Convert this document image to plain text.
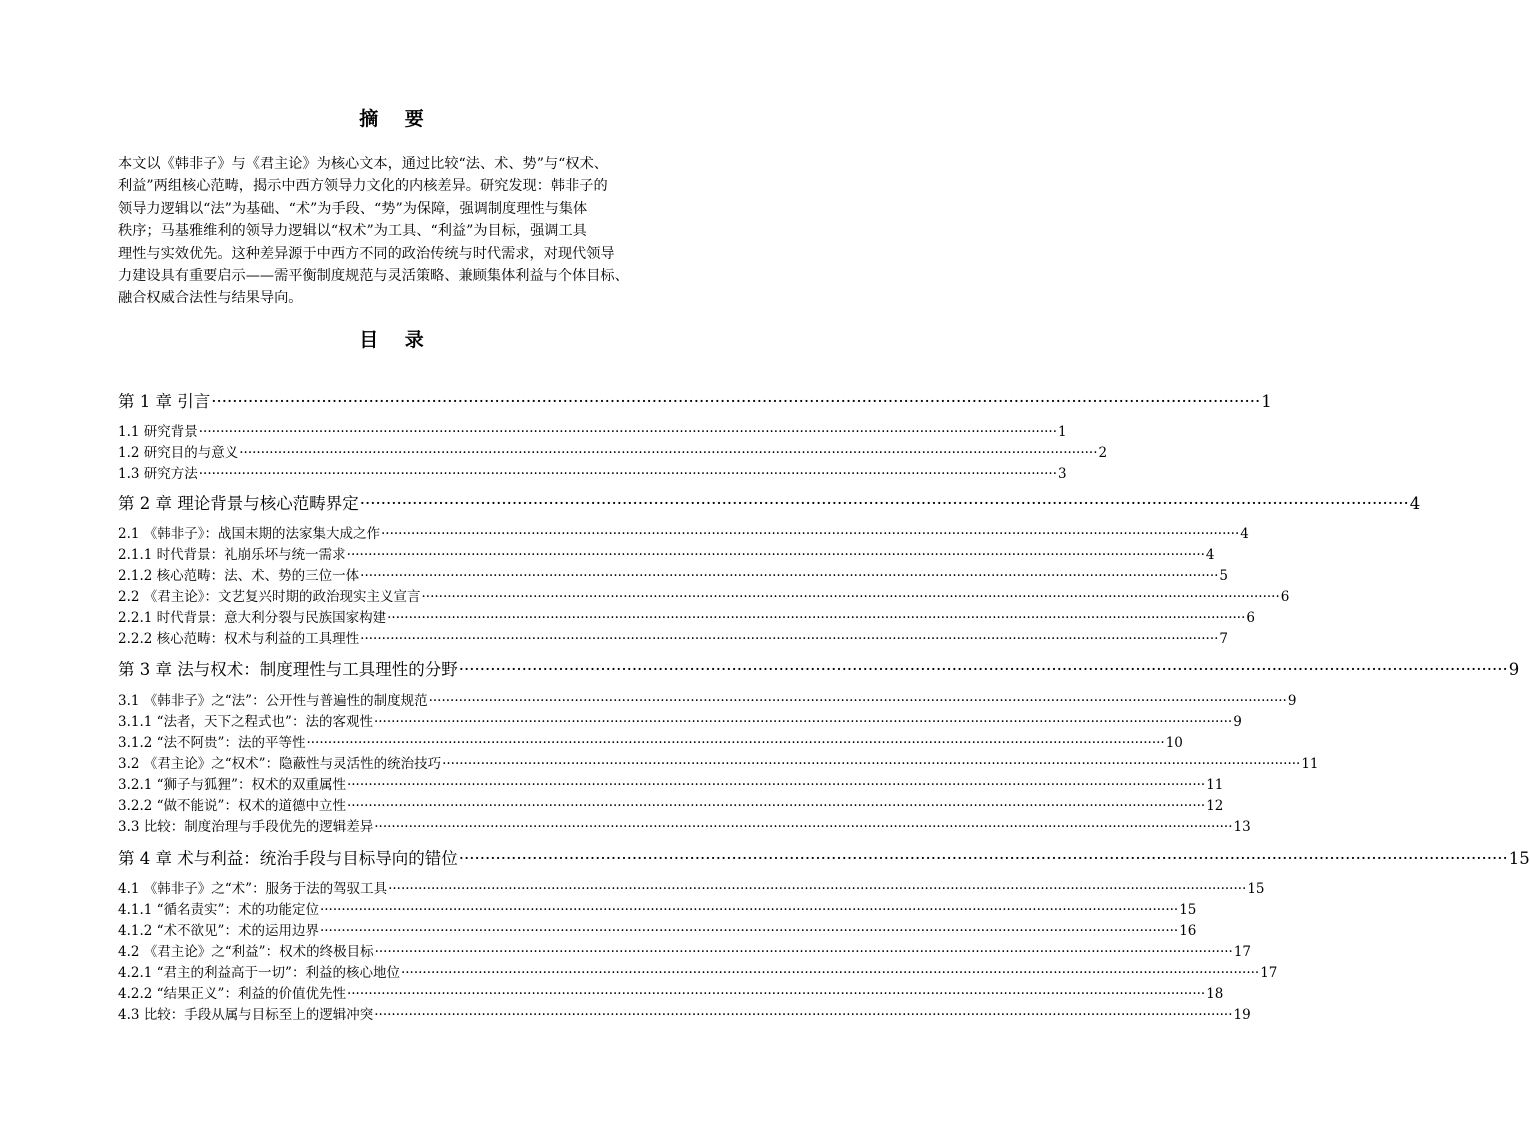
摘 要
本文以《韩非子》与《君主论》为核心文本，通过比较“法、术、势”与“权术、
利益”两组核心范畴，揭示中西方领导力文化的内核差异。研究发现：韩非子的
领导力逻辑以“法”为基础、“术”为手段、“势”为保障，强调制度理性与集体
秩序；马基雅维利的领导力逻辑以“权术”为工具、“利益”为目标，强调工具
理性与实效优先。这种差异源于中西方不同的政治传统与时代需求，对现代领导
力建设具有重要启示——需平衡制度规范与灵活策略、兼顾集体利益与个体目标、
融合权威合法性与结果导向。
目 录
第 1 章 引言 ········································································································································································································ 1
1.1 研究背景 ········································································································································································································ 1
1.2 研究目的与意义 ········································································································································································································ 2
1.3 研究方法 ········································································································································································································ 3
第 2 章 理论背景与核心范畴界定 ········································································································································································································ 4
2.1 《韩非子》：战国末期的法家集大成之作 ········································································································································································································ 4
2.1.1 时代背景：礼崩乐坏与统一需求 ········································································································································································································ 4
2.1.2 核心范畴：法、术、势的三位一体 ········································································································································································································ 5
2.2 《君主论》：文艺复兴时期的政治现实主义宣言 ········································································································································································································ 6
2.2.1 时代背景：意大利分裂与民族国家构建 ········································································································································································································ 6
2.2.2 核心范畴：权术与利益的工具理性 ········································································································································································································ 7
第 3 章 法与权术：制度理性与工具理性的分野 ········································································································································································································ 9
3.1 《韩非子》之“法”：公开性与普遍性的制度规范 ········································································································································································································ 9
3.1.1 “法者，天下之程式也”：法的客观性 ········································································································································································································ 9
3.1.2 “法不阿贵”：法的平等性 ········································································································································································································ 10
3.2 《君主论》之“权术”：隐蔽性与灵活性的统治技巧 ········································································································································································································ 11
3.2.1 “狮子与狐狸”：权术的双重属性 ········································································································································································································ 11
3.2.2 “做不能说”：权术的道德中立性 ········································································································································································································ 12
3.3 比较：制度治理与手段优先的逻辑差异 ········································································································································································································ 13
第 4 章 术与利益：统治手段与目标导向的错位 ········································································································································································································ 15
4.1 《韩非子》之“术”：服务于法的驾驭工具 ········································································································································································································ 15
4.1.1 “循名责实”：术的功能定位 ········································································································································································································ 15
4.1.2 “术不欲见”：术的运用边界 ········································································································································································································ 16
4.2 《君主论》之“利益”：权术的终极目标 ········································································································································································································ 17
4.2.1 “君主的利益高于一切”：利益的核心地位 ········································································································································································································ 17
4.2.2 “结果正义”：利益的价值优先性 ········································································································································································································ 18
4.3 比较：手段从属与目标至上的逻辑冲突 ········································································································································································································ 19
